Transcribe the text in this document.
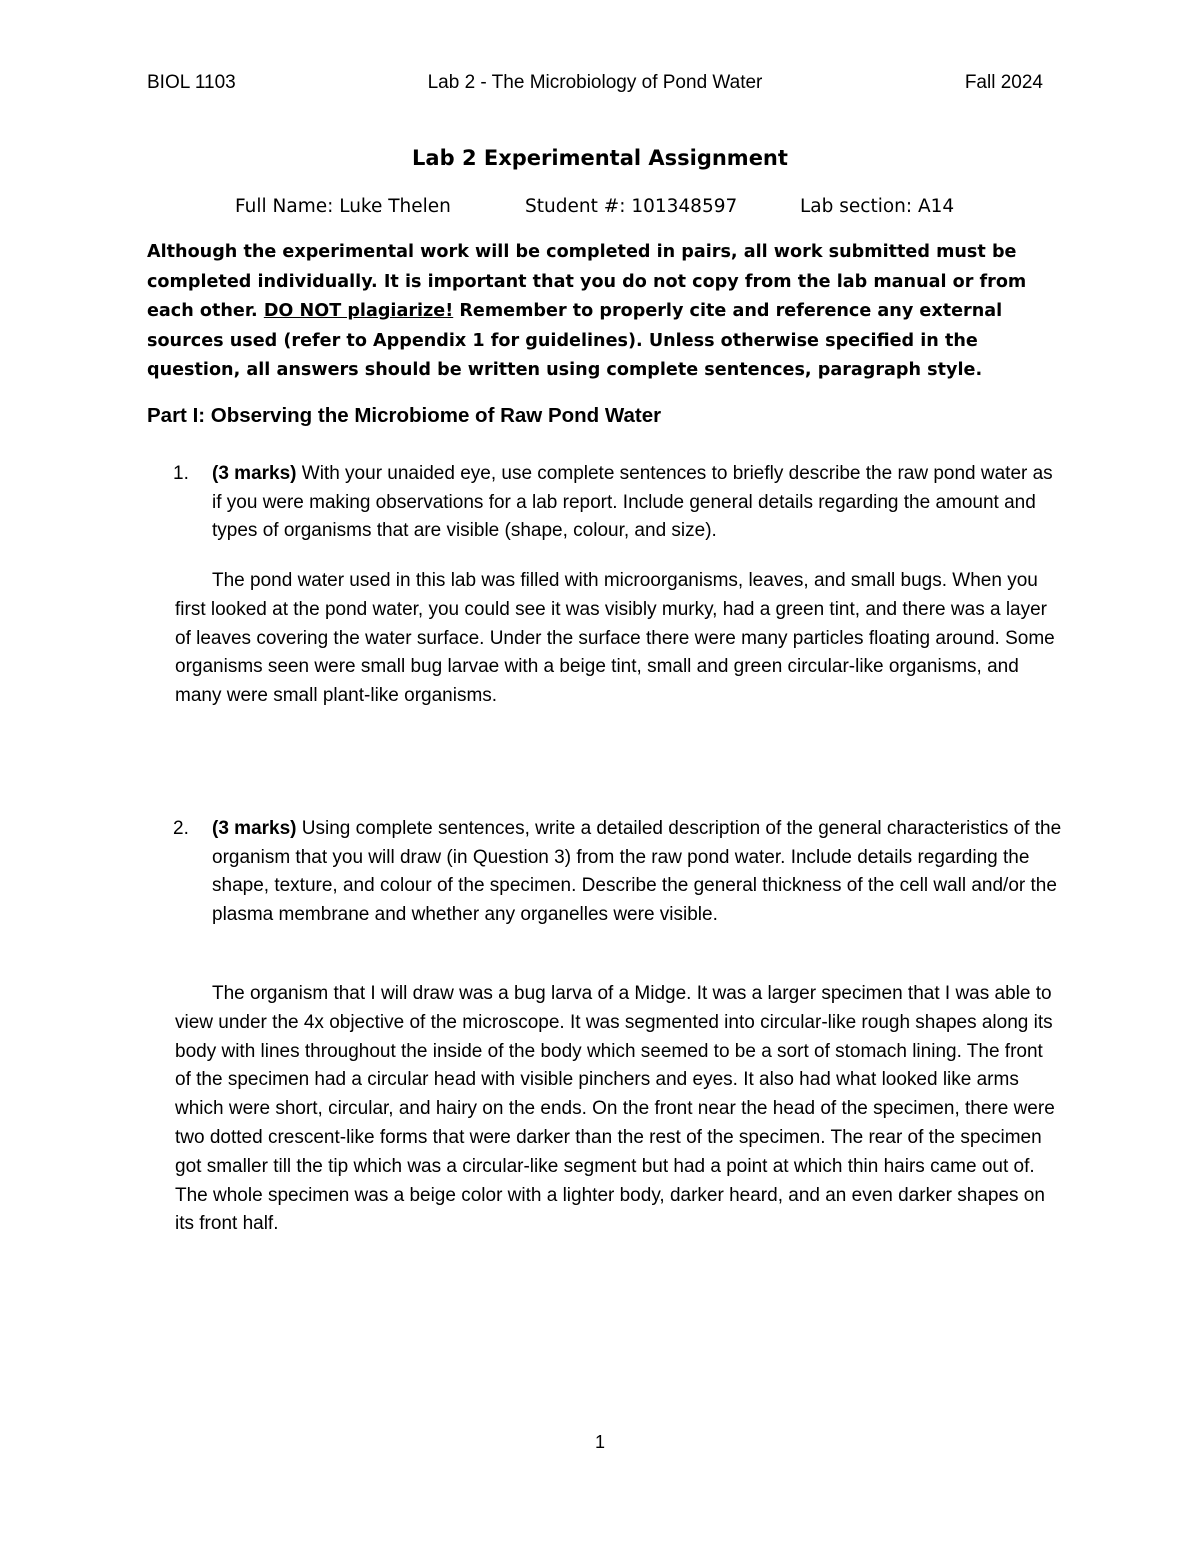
BIOL 1103	Lab 2 - The Microbiology of Pond Water	Fall 2024
Lab 2 Experimental Assignment
Full Name: Luke Thelen	Student #: 101348597	Lab section: A14
Although the experimental work will be completed in pairs, all work submitted must be completed individually. It is important that you do not copy from the lab manual or from each other. DO NOT plagiarize! Remember to properly cite and reference any external sources used (refer to Appendix 1 for guidelines). Unless otherwise specified in the question, all answers should be written using complete sentences, paragraph style.
Part I: Observing the Microbiome of Raw Pond Water
1. (3 marks) With your unaided eye, use complete sentences to briefly describe the raw pond water as if you were making observations for a lab report. Include general details regarding the amount and types of organisms that are visible (shape, colour, and size).
The pond water used in this lab was filled with microorganisms, leaves, and small bugs. When you first looked at the pond water, you could see it was visibly murky, had a green tint, and there was a layer of leaves covering the water surface. Under the surface there were many particles floating around. Some organisms seen were small bug larvae with a beige tint, small and green circular-like organisms, and many were small plant-like organisms.
2. (3 marks) Using complete sentences, write a detailed description of the general characteristics of the organism that you will draw (in Question 3) from the raw pond water. Include details regarding the shape, texture, and colour of the specimen. Describe the general thickness of the cell wall and/or the plasma membrane and whether any organelles were visible.
The organism that I will draw was a bug larva of a Midge. It was a larger specimen that I was able to view under the 4x objective of the microscope. It was segmented into circular-like rough shapes along its body with lines throughout the inside of the body which seemed to be a sort of stomach lining. The front of the specimen had a circular head with visible pinchers and eyes. It also had what looked like arms which were short, circular, and hairy on the ends. On the front near the head of the specimen, there were two dotted crescent-like forms that were darker than the rest of the specimen. The rear of the specimen got smaller till the tip which was a circular-like segment but had a point at which thin hairs came out of. The whole specimen was a beige color with a lighter body, darker heard, and an even darker shapes on its front half.
1
